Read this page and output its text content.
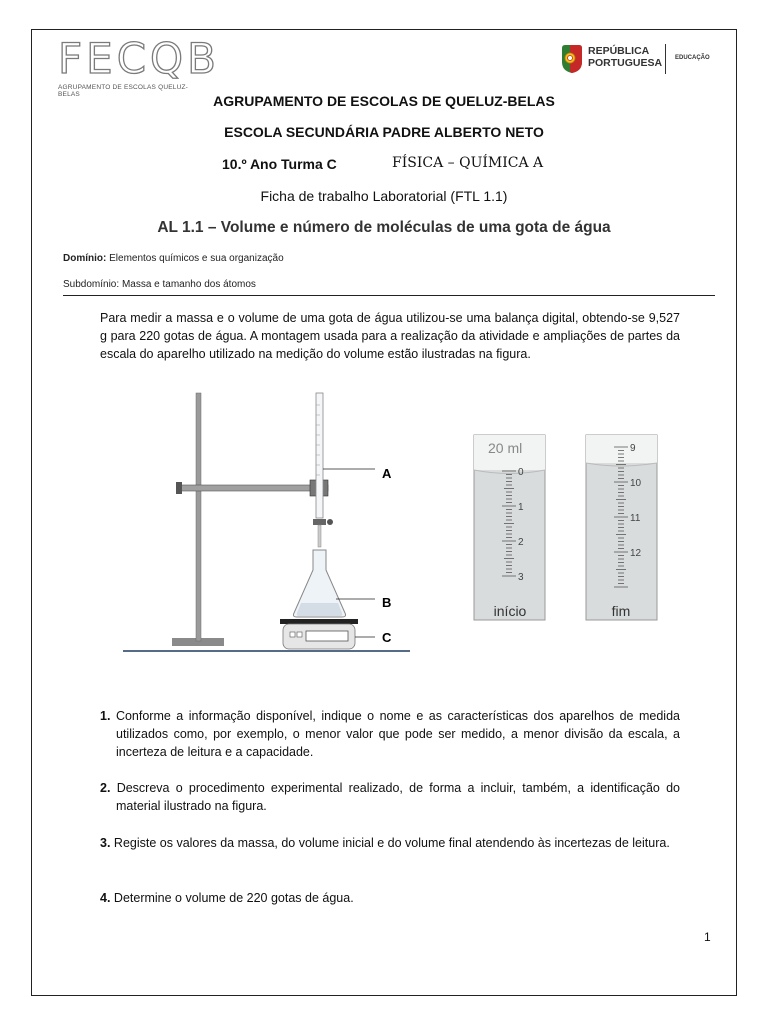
FECQB
AGRUPAMENTO DE ESCOLAS QUELUZ-BELAS
REPÚBLICA
PORTUGUESA EDUCAÇÃO
AGRUPAMENTO DE ESCOLAS DE QUELUZ-BELAS
ESCOLA SECUNDÁRIA PADRE ALBERTO NETO
10.º Ano Turma C	FÍSICA – QUÍMICA A
Ficha de trabalho Laboratorial (FTL 1.1)
AL 1.1 – Volume e número de moléculas de uma gota de água
Domínio: Elementos químicos e sua organização
Subdomínio: Massa e tamanho dos átomos
Para medir a massa e o volume de uma gota de água utilizou-se uma balança digital, obtendo-se 9,527 g para 220 gotas de água. A montagem usada para a realização da atividade e ampliações de partes da escala do aparelho utilizado na medição do volume estão ilustradas na figura.
A
B
C
20 ml
0
1
2
3
início
9
10
11
12
fim
1. Conforme a informação disponível, indique o nome e as características dos aparelhos de medida utilizados como, por exemplo, o menor valor que pode ser medido, a menor divisão da escala, a incerteza de leitura e a capacidade.
2. Descreva o procedimento experimental realizado, de forma a incluir, também, a identificação do material ilustrado na figura.
3. Registe os valores da massa, do volume inicial e do volume final atendendo às incertezas de leitura.
4. Determine o volume de 220 gotas de água.
1
